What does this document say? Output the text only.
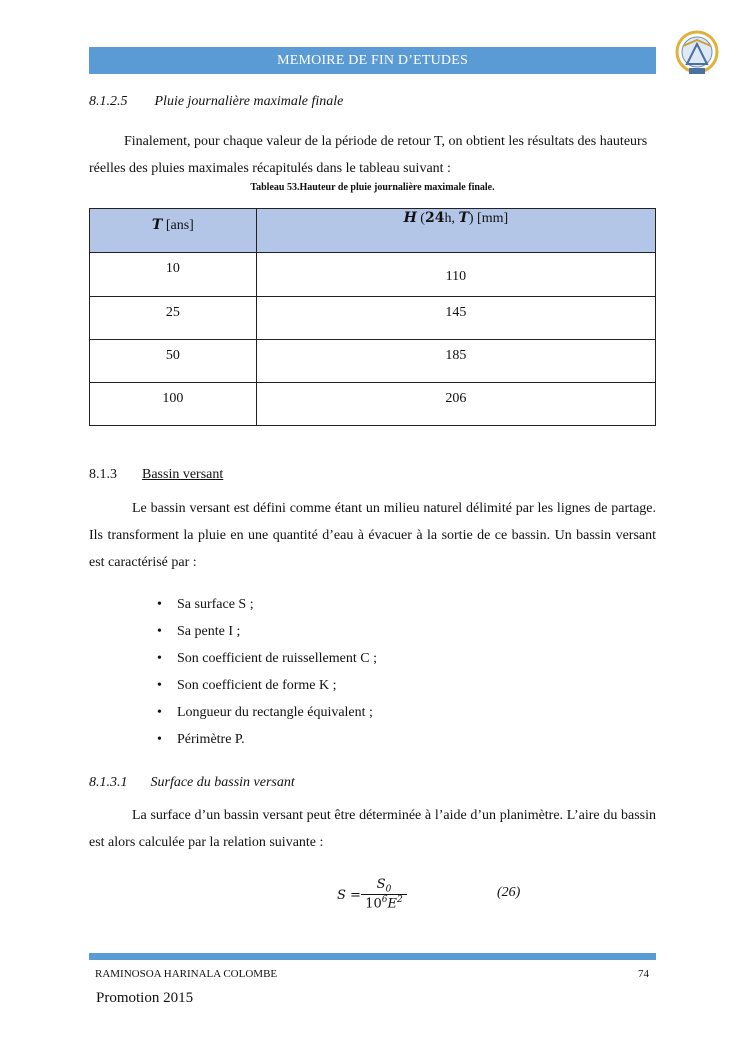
MEMOIRE DE FIN D’ETUDES
8.1.2.5 Pluie journalière maximale finale
Finalement, pour chaque valeur de la période de retour T, on obtient les résultats des hauteurs réelles des pluies maximales récapitulés dans le tableau suivant :
Tableau 53.Hauteur de pluie journalière maximale finale.
T [ans]	H (24h, T) [mm]
10	110
25	145
50	185
100	206
8.1.3 Bassin versant
Le bassin versant est défini comme étant un milieu naturel délimité par les lignes de partage. Ils transforment la pluie en une quantité d’eau à évacuer à la sortie de ce bassin. Un bassin versant est caractérisé par :
• Sa surface S ;
• Sa pente I ;
• Son coefficient de ruissellement C ;
• Son coefficient de forme K ;
• Longueur du rectangle équivalent ;
• Périmètre P.
8.1.3.1 Surface du bassin versant
La surface d’un bassin versant peut être déterminée à l’aide d’un planimètre. L’aire du bassin est alors calculée par la relation suivante :
$S = \frac{S_0}{10^6E^2}$	(26)
RAMINOSOA HARINALA COLOMBE	74
Promotion 2015
